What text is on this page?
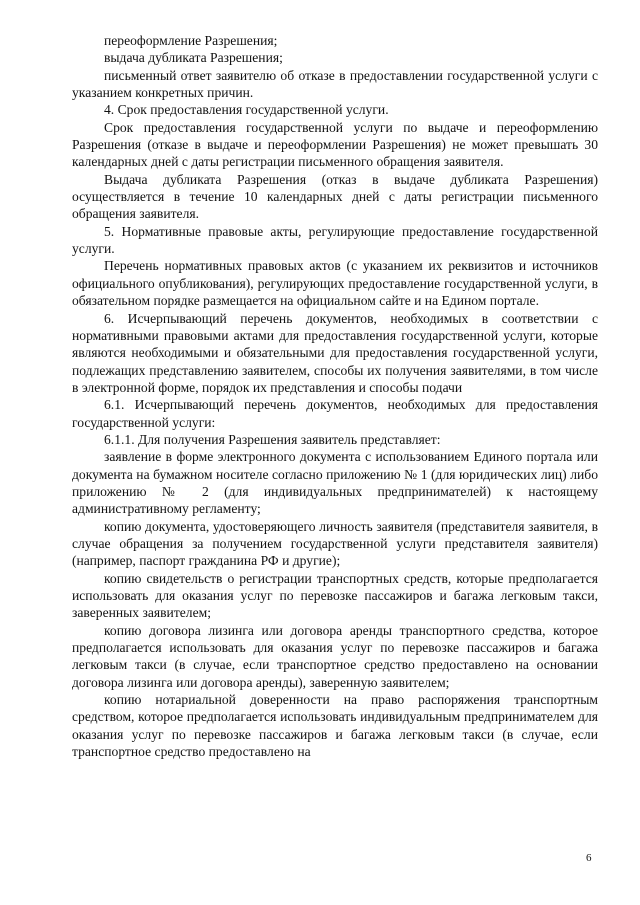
переоформление Разрешения;

выдача дубликата Разрешения;

письменный ответ заявителю об отказе в предоставлении государственной услуги с указанием конкретных причин.

4. Срок предоставления государственной услуги.

Срок предоставления государственной услуги по выдаче и переоформлению Разрешения (отказе в выдаче и переоформлении Разрешения) не может превышать 30 календарных дней с даты регистрации письменного обращения заявителя.

Выдача дубликата Разрешения (отказ в выдаче дубликата Разрешения) осуществляется в течение 10 календарных дней с даты регистрации письменного обращения заявителя.

5. Нормативные правовые акты, регулирующие предоставление государственной услуги.

Перечень нормативных правовых актов (с указанием их реквизитов и источников официального опубликования), регулирующих предоставление государственной услуги, в обязательном порядке размещается на официальном сайте и на Едином портале.

6. Исчерпывающий перечень документов, необходимых в соответствии с нормативными правовыми актами для предоставления государственной услуги, которые являются необходимыми и обязательными для предоставления государственной услуги, подлежащих представлению заявителем, способы их получения заявителями, в том числе в электронной форме, порядок их представления и способы подачи

6.1. Исчерпывающий перечень документов, необходимых для предоставления государственной услуги:

6.1.1. Для получения Разрешения заявитель представляет:

заявление в форме электронного документа с использованием Единого портала или документа на бумажном носителе согласно приложению № 1 (для юридических лиц) либо приложению № 2 (для индивидуальных предпринимателей) к настоящему административному регламенту;

копию документа, удостоверяющего личность заявителя (представителя заявителя, в случае обращения за получением государственной услуги представителя заявителя) (например, паспорт гражданина РФ и другие);

копию свидетельств о регистрации транспортных средств, которые предполагается использовать для оказания услуг по перевозке пассажиров и багажа легковым такси, заверенных заявителем;

копию договора лизинга или договора аренды транспортного средства, которое предполагается использовать для оказания услуг по перевозке пассажиров и багажа легковым такси (в случае, если транспортное средство предоставлено на основании договора лизинга или договора аренды), заверенную заявителем;

копию нотариальной доверенности на право распоряжения транспортным средством, которое предполагается использовать индивидуальным предпринимателем для оказания услуг по перевозке пассажиров и багажа легковым такси (в случае, если транспортное средство предоставлено на

6
